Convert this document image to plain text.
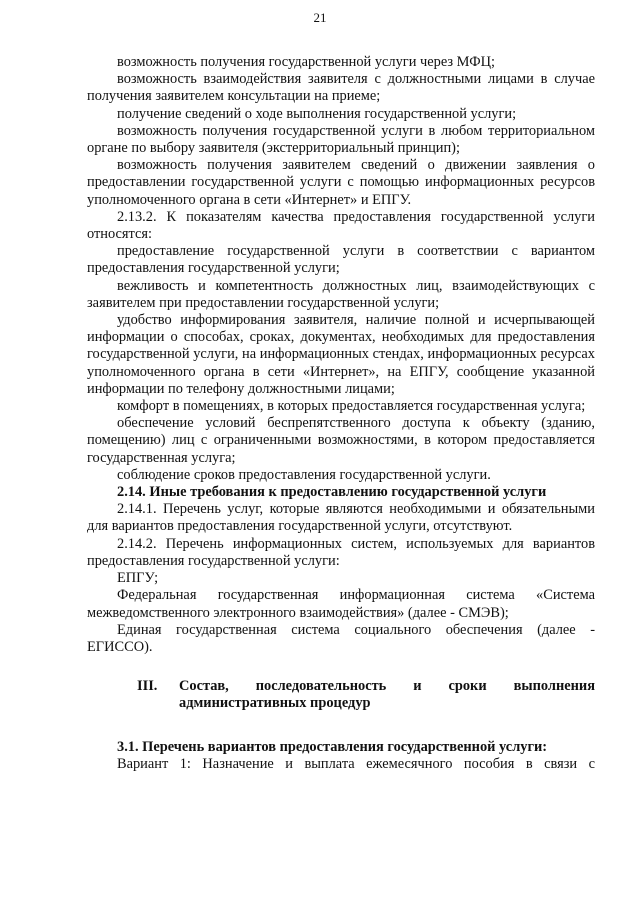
21

возможность получения государственной услуги через МФЦ;

возможность взаимодействия заявителя с должностными лицами в случае получения заявителем консультации на приеме;

получение сведений о ходе выполнения государственной услуги;

возможность получения государственной услуги в любом территориальном органе по выбору заявителя (экстерриториальный принцип);

возможность получения заявителем сведений о движении заявления о предоставлении государственной услуги с помощью информационных ресурсов уполномоченного органа в сети «Интернет» и ЕПГУ.

2.13.2. К показателям качества предоставления государственной услуги относятся:

предоставление государственной услуги в соответствии с вариантом предоставления государственной услуги;

вежливость и компетентность должностных лиц, взаимодействующих с заявителем при предоставлении государственной услуги;

удобство информирования заявителя, наличие полной и исчерпывающей информации о способах, сроках, документах, необходимых для предоставления государственной услуги, на информационных стендах, информационных ресурсах уполномоченного органа в сети «Интернет», на ЕПГУ, сообщение указанной информации по телефону должностными лицами;

комфорт в помещениях, в которых предоставляется государственная услуга;

обеспечение условий беспрепятственного доступа к объекту (зданию, помещению) лиц с ограниченными возможностями, в котором предоставляется государственная услуга;

соблюдение сроков предоставления государственной услуги.

2.14. Иные требования к предоставлению государственной услуги

2.14.1. Перечень услуг, которые являются необходимыми и обязательными для вариантов предоставления государственной услуги, отсутствуют.

2.14.2. Перечень информационных систем, используемых для вариантов предоставления государственной услуги:

ЕПГУ;

Федеральная государственная информационная система «Система межведомственного электронного взаимодействия» (далее - СМЭВ);

Единая государственная система социального обеспечения (далее - ЕГИССО).

III.	Состав, последовательность и сроки выполнения
административных процедур

3.1. Перечень вариантов предоставления государственной услуги:

Вариант 1: Назначение и выплата ежемесячного пособия в связи с
